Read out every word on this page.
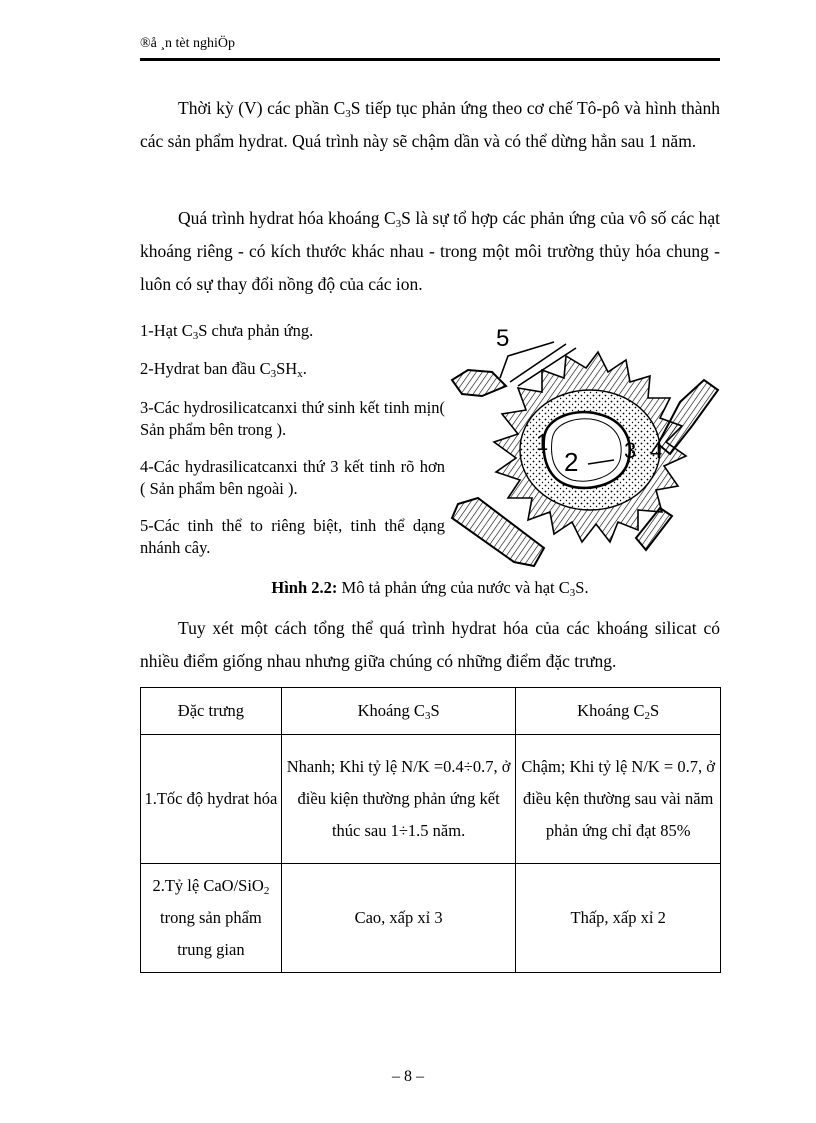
®å ¸n tèt nghiÖp

Thời kỳ (V) các phần $C_3S$ tiếp tục phản ứng theo cơ chế Tô-pô và hình thành các sản phẩm hydrat. Quá trình này sẽ chậm dần và có thể dừng hẳn sau 1 năm.

Quá trình hydrat hóa khoáng $C_3S$ là sự tổ hợp các phản ứng của vô số các hạt khoáng riêng - có kích thước khác nhau - trong một môi trường thủy hóa chung - luôn có sự thay đổi nồng độ của các ion.

1-Hạt $C_3S$ chưa phản ứng.

2-Hydrat ban đầu $C_3SH_x$.

3-Các hydrosilicatcanxi thứ sinh kết tinh mịn( Sản phẩm bên trong ).

4-Các hydrasilicatcanxi thứ 3 kết tinh rõ hơn ( Sản phẩm bên ngoài ).

5-Các tinh thể to riêng biệt, tinh thể dạng nhánh cây.

5
1
2 3 4
Hình 2.2: Mô tả phản ứng của nước và hạt $C_3S$.

Tuy xét một cách tổng thể quá trình hydrat hóa của các khoáng silicat có nhiều điểm giống nhau nhưng giữa chúng có những điểm đặc trưng.

Đặc trưng	Khoáng $C_3S$	Khoáng $C_2S$
1.Tốc độ hydrat hóa	Nhanh; Khi tỷ lệ N/K =0.4÷0.7, ở điều kiện thường phản ứng kết thúc sau 1÷1.5 năm.	Chậm; Khi tỷ lệ N/K = 0.7, ở điều kện thường sau vài năm phản ứng chỉ đạt 85%
2.Tỷ lệ CaO/SiO$_2$ trong sản phẩm trung gian	Cao, xấp xỉ 3	Thấp, xấp xỉ 2
– 8 –
